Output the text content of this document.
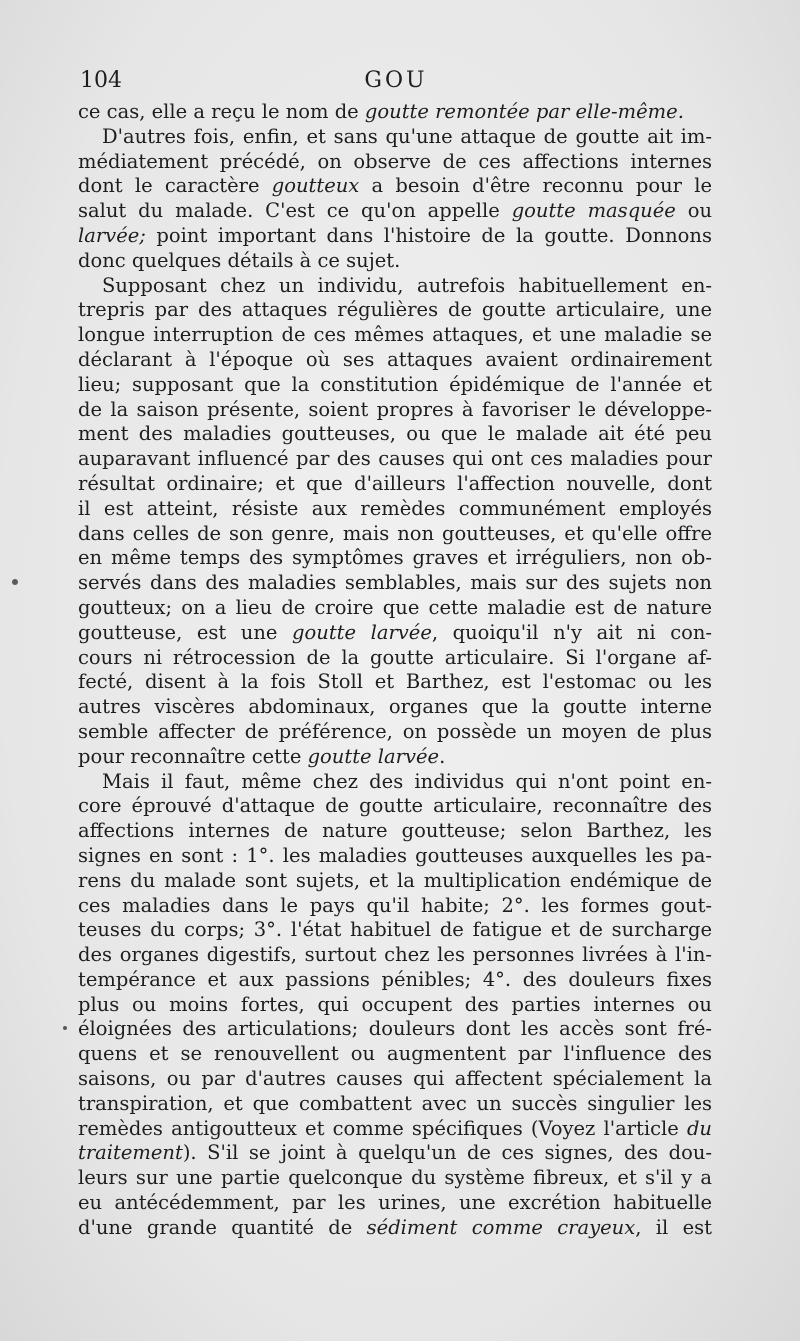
104	GOU
ce cas, elle a reçu le nom de goutte remontée par elle-même.
D'autres fois, enfin, et sans qu'une attaque de goutte ait im-
médiatement précédé, on observe de ces affections internes
dont le caractère goutteux a besoin d'être reconnu pour le
salut du malade. C'est ce qu'on appelle goutte masquée ou
larvée; point important dans l'histoire de la goutte. Donnons
donc quelques détails à ce sujet.
Supposant chez un individu, autrefois habituellement en-
trepris par des attaques régulières de goutte articulaire, une
longue interruption de ces mêmes attaques, et une maladie se
déclarant à l'époque où ses attaques avaient ordinairement
lieu; supposant que la constitution épidémique de l'année et
de la saison présente, soient propres à favoriser le développe-
ment des maladies goutteuses, ou que le malade ait été peu
auparavant influencé par des causes qui ont ces maladies pour
résultat ordinaire; et que d'ailleurs l'affection nouvelle, dont
il est atteint, résiste aux remèdes communément employés
dans celles de son genre, mais non goutteuses, et qu'elle offre
en même temps des symptômes graves et irréguliers, non ob-
servés dans des maladies semblables, mais sur des sujets non
goutteux; on a lieu de croire que cette maladie est de nature
goutteuse, est une goutte larvée, quoiqu'il n'y ait ni con-
cours ni rétrocession de la goutte articulaire. Si l'organe af-
fecté, disent à la fois Stoll et Barthez, est l'estomac ou les
autres viscères abdominaux, organes que la goutte interne
semble affecter de préférence, on possède un moyen de plus
pour reconnaître cette goutte larvée.
Mais il faut, même chez des individus qui n'ont point en-
core éprouvé d'attaque de goutte articulaire, reconnaître des
affections internes de nature goutteuse; selon Barthez, les
signes en sont : 1°. les maladies goutteuses auxquelles les pa-
rens du malade sont sujets, et la multiplication endémique de
ces maladies dans le pays qu'il habite; 2°. les formes gout-
teuses du corps; 3°. l'état habituel de fatigue et de surcharge
des organes digestifs, surtout chez les personnes livrées à l'in-
tempérance et aux passions pénibles; 4°. des douleurs fixes
plus ou moins fortes, qui occupent des parties internes ou
éloignées des articulations; douleurs dont les accès sont fré-
quens et se renouvellent ou augmentent par l'influence des
saisons, ou par d'autres causes qui affectent spécialement la
transpiration, et que combattent avec un succès singulier les
remèdes antigoutteux et comme spécifiques (Voyez l'article du
traitement). S'il se joint à quelqu'un de ces signes, des dou-
leurs sur une partie quelconque du système fibreux, et s'il y a
eu antécédemment, par les urines, une excrétion habituelle
d'une grande quantité de sédiment comme crayeux, il est
